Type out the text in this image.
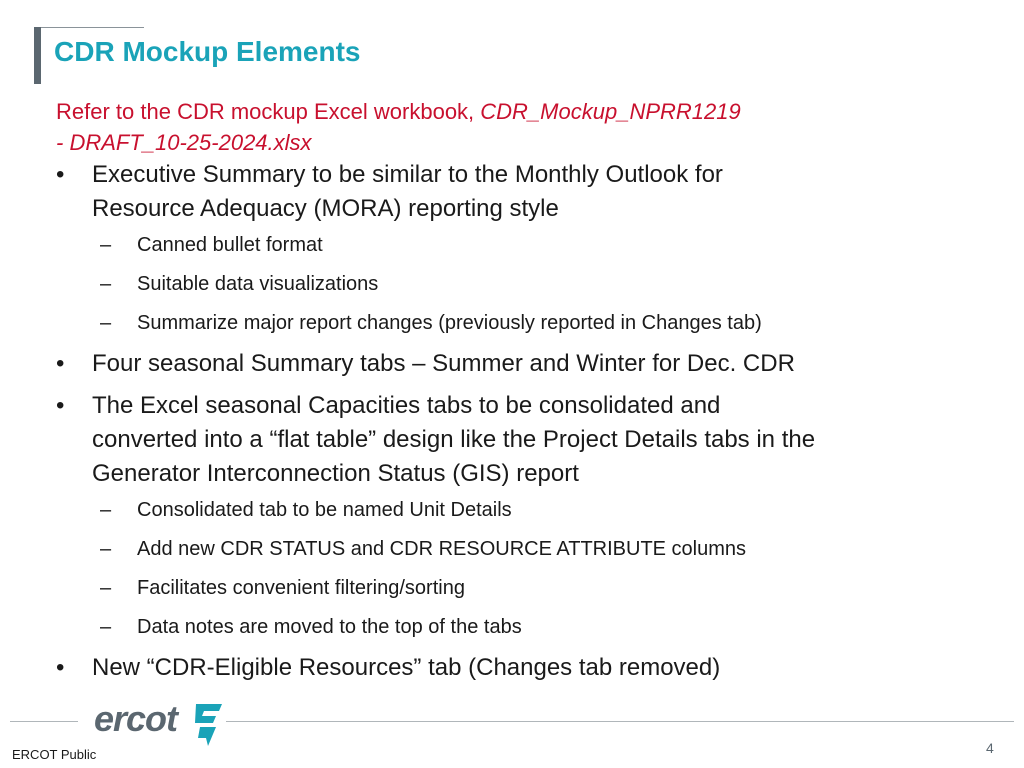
CDR Mockup Elements
Refer to the CDR mockup Excel workbook, CDR_Mockup_NPRR1219
- DRAFT_10-25-2024.xlsx
• Executive Summary to be similar to the Monthly Outlook for
Resource Adequacy (MORA) reporting style
– Canned bullet format
– Suitable data visualizations
– Summarize major report changes (previously reported in Changes tab)
• Four seasonal Summary tabs – Summer and Winter for Dec. CDR
• The Excel seasonal Capacities tabs to be consolidated and
converted into a “flat table” design like the Project Details tabs in the
Generator Interconnection Status (GIS) report
– Consolidated tab to be named Unit Details
– Add new CDR STATUS and CDR RESOURCE ATTRIBUTE columns
– Facilitates convenient filtering/sorting
– Data notes are moved to the top of the tabs
• New “CDR-Eligible Resources” tab (Changes tab removed)
ercot
ERCOT Public	4
